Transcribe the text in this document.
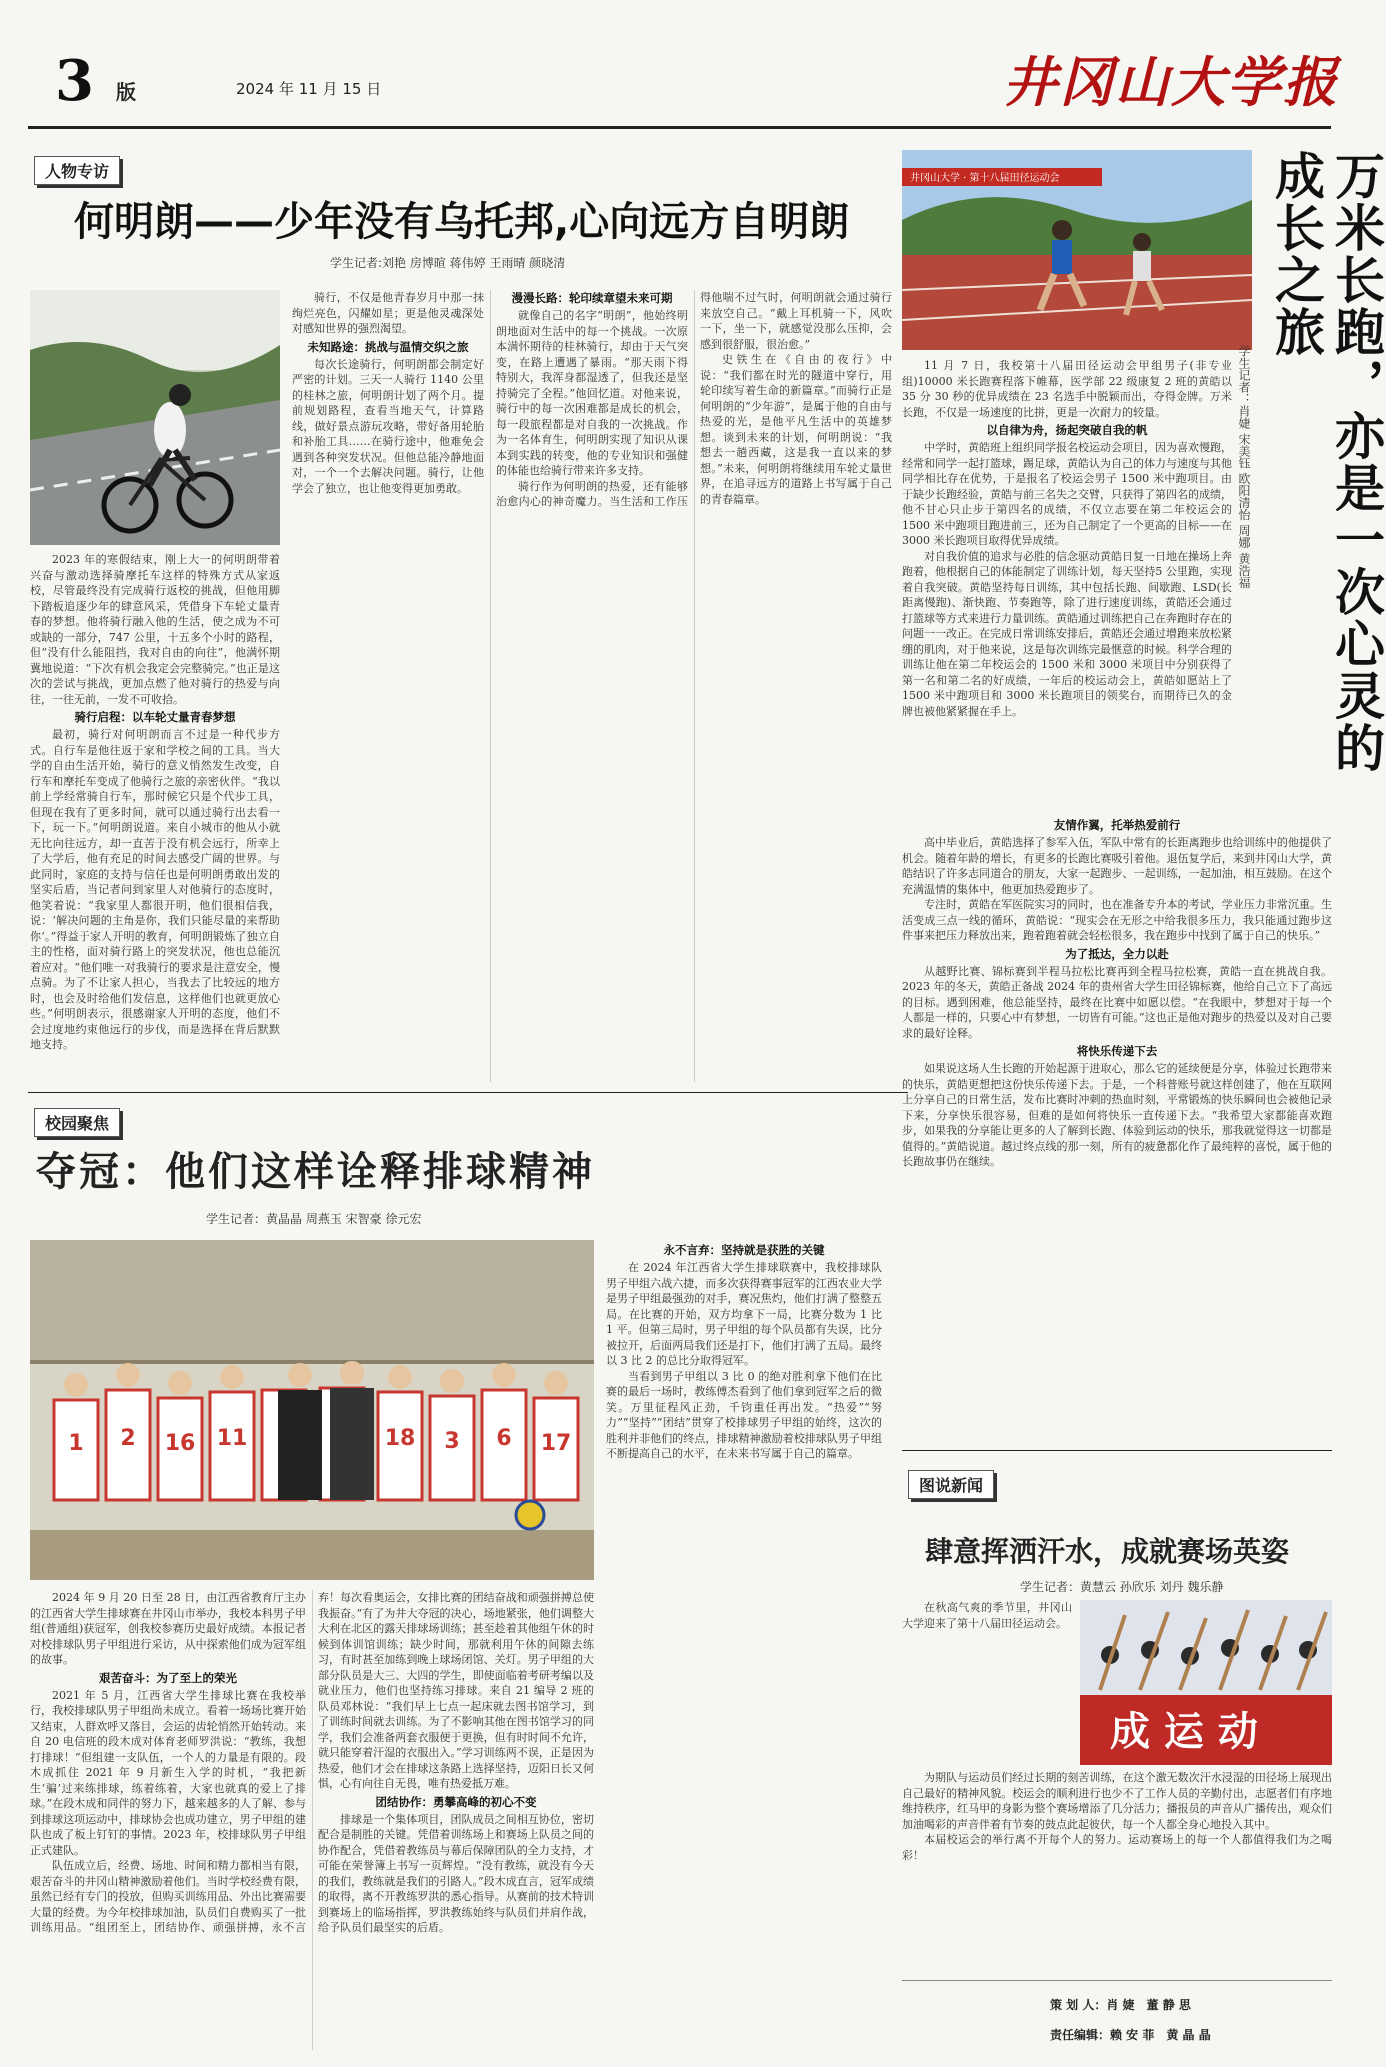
3 版	2024 年 11 月 15 日	井冈山大学报
人物专访
何明朗——少年没有乌托邦,心向远方自明朗
学生记者:刘艳 房博暄 蒋伟婷 王雨晴 颜晓清

2023 年的寒假结束，刚上大一的何明朗带着兴奋与激动选择骑摩托车这样的特殊方式从家返校，尽管最终没有完成骑行返校的挑战，但他用脚下踏板追逐少年的肆意风采，凭借身下车轮丈量青春的梦想。他将骑行融入他的生活，使之成为不可或缺的一部分，747 公里，十五多个小时的路程，但“没有什么能阻挡，我对自由的向往”，他满怀期冀地说道：“下次有机会我定会完整骑完。”也正是这次的尝试与挑战，更加点燃了他对骑行的热爱与向往，一往无前，一发不可收拾。

骑行启程：以车轮丈量青春梦想

最初，骑行对何明朗而言不过是一种代步方式。自行车是他往返于家和学校之间的工具。当大学的自由生活开始，骑行的意义悄然发生改变，自行车和摩托车变成了他骑行之旅的亲密伙伴。“我以前上学经常骑自行车，那时候它只是个代步工具，但现在我有了更多时间，就可以通过骑行出去看一下，玩一下。”何明朗说道。来自小城市的他从小就无比向往远方，却一直苦于没有机会远行，所幸上了大学后，他有充足的时间去感受广阔的世界。与此同时，家庭的支持与信任也是何明朗勇敢出发的坚实后盾，当记者问到家里人对他骑行的态度时，他笑着说：“我家里人都很开明，他们很相信我，说：‘解决问题的主角是你，我们只能尽量的来帮助你’。”得益于家人开明的教育，何明朗锻炼了独立自主的性格，面对骑行路上的突发状况，他也总能沉着应对。“他们唯一对我骑行的要求是注意安全，慢点骑。为了不让家人担心，当我去了比较远的地方时，也会及时给他们发信息，这样他们也就更放心些。”何明朗表示，很感谢家人开明的态度，他们不会过度地约束他远行的步伐，而是选择在背后默默地支持。

骑行，不仅是他青春岁月中那一抹绚烂亮色，闪耀如星；更是他灵魂深处对感知世界的强烈渴望。

未知路途：挑战与温情交织之旅

每次长途骑行，何明朗都会制定好严密的计划。三天一人骑行 1140 公里的桂林之旅，何明朗计划了两个月。提前规划路程，查看当地天气，计算路线，做好景点游玩攻略，带好备用轮胎和补胎工具……在骑行途中，他难免会遇到各种突发状况。但他总能冷静地面对，一个一个去解决问题。骑行，让他学会了独立，也让他变得更加勇敢。

漫漫长路：轮印续章望未来可期

就像自己的名字“明朗”，他始终明朗地面对生活中的每一个挑战。一次原本满怀期待的桂林骑行，却由于天气突变，在路上遭遇了暴雨。“那天雨下得特别大，我浑身都湿透了，但我还是坚持骑完了全程。”他回忆道。对他来说，骑行中的每一次困难都是成长的机会，每一段旅程都是对自我的一次挑战。作为一名体育生，何明朗实现了知识从课本到实践的转变，他的专业知识和强健的体能也给骑行带来许多支持。

骑行作为何明朗的热爱，还有能够治愈内心的神奇魔力。当生活和工作压得他喘不过气时，何明朗就会通过骑行来放空自己。“戴上耳机骑一下，风吹一下，坐一下，就感觉没那么压抑，会感到很舒服，很治愈。”

史铁生在《自由的夜行》中说：“我们都在时光的隧道中穿行，用轮印续写着生命的新篇章。”而骑行正是何明朗的“少年游”，是属于他的自由与热爱的光，是他平凡生活中的英雄梦想。谈到未来的计划，何明朗说：“我想去一趟西藏，这是我一直以来的梦想。”未来，何明朗将继续用车轮丈量世界，在追寻远方的道路上书写属于自己的青春篇章。

校园聚焦
夺冠：他们这样诠释排球精神
学生记者：黄晶晶 周燕玉 宋智豪 徐元宏
1 2 16 11	18 3 6 17

2024 年 9 月 20 日至 28 日，由江西省教育厅主办的江西省大学生排球赛在井冈山市举办，我校本科男子甲组(普通组)获冠军，创我校参赛历史最好成绩。本报记者对校排球队男子甲组进行采访，从中探索他们成为冠军组的故事。

艰苦奋斗：为了至上的荣光

2021 年 5 月，江西省大学生排球比赛在我校举行，我校排球队男子甲组尚未成立。看着一场场比赛开始又结束，人群欢呼又落目，会运的齿轮悄然开始转动。来自 20 电信班的段木成对体育老师罗洪说：“教练，我想打排球！”但组建一支队伍，一个人的力量是有限的。段木成抓住 2021 年 9 月新生入学的时机，“我把新生‘骗’过来练排球，练着练着，大家也就真的爱上了排球。”在段木成和同伴的努力下，越来越多的人了解、参与到排球这项运动中，排球协会也成功建立，男子甲组的建队也成了板上钉钉的事情。2023 年，校排球队男子甲组正式建队。

队伍成立后，经费、场地、时间和精力都相当有限，艰苦奋斗的井冈山精神激励着他们。当时学校经费有限，虽然已经有专门的投放，但购买训练用品、外出比赛需要大量的经费。为今年校排球加油，队员们自费购买了一批训练用品。“组团至上，团结协作、顽强拼搏，永不言弃！每次看奥运会，女排比赛的团结奋战和顽强拼搏总使我振奋。”有了为井大夺冠的决心，场地紧张，他们调整大大利在北区的露天排球场训练；甚至趁着其他组午休的时候到体训馆训练；缺少时间，那就利用午休的间隙去练习，有时甚至加练到晚上球场闭馆、关灯。男子甲组的大部分队员是大三、大四的学生，即使面临着考研考编以及就业压力，他们也坚持练习排球。来自 21 编导 2 班的队员邓林说：“我们早上七点一起床就去图书馆学习，到了训练时间就去训练。为了不影响其他在图书馆学习的同学，我们会准备两套衣服便于更换，但有时时间不允许，就只能穿着汗湿的衣服出入。”学习训练两不误，正是因为热爱，他们才会在排球这条路上选择坚持，迈阳日长又何惧，心有向往自无畏，唯有热爱抵万难。

团结协作：勇攀高峰的初心不变

排球是一个集体项目，团队成员之间相互协位，密切配合是制胜的关键。凭借着训练场上和赛场上队员之间的协作配合，凭借着教练员与幕后保障团队的全力支持，才可能在荣誉簿上书写一页辉煌。“没有教练，就没有今天的我们，教练就是我们的引路人。”段木成直言，冠军成绩的取得，离不开教练罗洪的悉心指导。从赛前的技术特训到赛场上的临场指挥，罗洪教练始终与队员们并肩作战，给予队员们最坚实的后盾。

永不言弃：坚持就是获胜的关键

在 2024 年江西省大学生排球联赛中，我校排球队男子甲组六战六捷，而多次获得赛事冠军的江西农业大学是男子甲组最强劲的对手，赛况焦灼，他们打满了整整五局。在比赛的开始，双方均拿下一局，比赛分数为 1 比 1 平。但第三局时，男子甲组的每个队员都有失误，比分被拉开，后面两局我们还是打下，他们打满了五局。最终以 3 比 2 的总比分取得冠军。

当看到男子甲组以 3 比 0 的绝对胜利拿下他们在比赛的最后一场时，教练傅杰看到了他们拿到冠军之后的微笑。万里征程风正劲，千钧重任再出发。“热爱”“努力”“坚持”“团结”贯穿了校排球男子甲组的始终，这次的胜利并非他们的终点，排球精神激励着校排球队男子甲组不断提高自己的水平，在未来书写属于自己的篇章。

井冈山大学 · 第十八届田径运动会	万米长跑，亦是一次心灵的成长之旅
学生记者：肖婕 宋美钰 欧阳清怡 周娜 黄浩福

11 月 7 日，我校第十八届田径运动会甲组男子(非专业组)10000 米长跑赛程落下帷幕，医学部 22 级康复 2 班的黄皓以 35 分 30 秒的优异成绩在 23 名选手中脱颖而出，夺得金牌。万米长跑，不仅是一场速度的比拼，更是一次耐力的较量。

以自律为舟，扬起突破自我的帆

中学时，黄皓班上组织同学报名校运动会项目，因为喜欢慢跑，经常和同学一起打篮球，踢足球，黄皓认为自己的体力与速度与其他同学相比存在优势，于是报名了校运会男子 1500 米中跑项目。由于缺少长跑经验，黄皓与前三名失之交臂，只获得了第四名的成绩，他不甘心只止步于第四名的成绩，不仅立志要在第二年校运会的 1500 米中跑项目跑进前三，还为自己制定了一个更高的目标——在 3000 米长跑项目取得优异成绩。

对自我价值的追求与必胜的信念驱动黄皓日复一日地在操场上奔跑着，他根据自己的体能制定了训练计划，每天坚持5 公里跑，实现着自我突破。黄皓坚持每日训练，其中包括长跑、间歇跑、LSD(长距离慢跑)、渐快跑、节奏跑等，除了进行速度训练，黄皓还会通过打篮球等方式来进行力量训练。黄皓通过训练把自己在奔跑时存在的问题一一改正。在完成日常训练安排后，黄皓还会通过增跑来放松紧绷的肌肉，对于他来说，这是每次训练完最惬意的时候。科学合理的训练让他在第二年校运会的 1500 米和 3000 米项目中分别获得了第一名和第二名的好成绩，一年后的校运动会上，黄皓如愿站上了 1500 米中跑项目和 3000 米长跑项目的领奖台，而期待已久的金牌也被他紧紧握在手上。

友情作翼，托举热爱前行

高中毕业后，黄皓选择了参军入伍，军队中常有的长距离跑步也给训练中的他提供了机会。随着年龄的增长，有更多的长跑比赛吸引着他。退伍复学后，来到井冈山大学，黄皓结识了许多志同道合的朋友，大家一起跑步、一起训练，一起加油，相互鼓励。在这个充满温情的集体中，他更加热爱跑步了。

专注时，黄皓在军医院实习的同时，也在准备专升本的考试，学业压力非常沉重。生活变成三点一线的循环，黄皓说：“现实会在无形之中给我很多压力，我只能通过跑步这件事来把压力释放出来，跑着跑着就会轻松很多，我在跑步中找到了属于自己的快乐。”

为了抵达，全力以赴

从越野比赛、锦标赛到半程马拉松比赛再到全程马拉松赛，黄皓一直在挑战自我。2023 年的冬天，黄皓正备战 2024 年的贵州省大学生田径锦标赛，他给自己立下了高远的目标。遇到困难，他总能坚持，最终在比赛中如愿以偿。“在我眼中，梦想对于每一个人都是一样的，只要心中有梦想，一切皆有可能。”这也正是他对跑步的热爱以及对自己要求的最好诠释。

将快乐传递下去

如果说这场人生长跑的开始起源于进取心，那么它的延续便是分享，体验过长跑带来的快乐，黄皓更想把这份快乐传递下去。于是，一个科普账号就这样创建了，他在互联网上分享自己的日常生活，发布比赛时冲刺的热血时刻，平常锻炼的快乐瞬间也会被他记录下来，分享快乐很容易，但难的是如何将快乐一直传递下去。“我希望大家都能喜欢跑步，如果我的分享能让更多的人了解到长跑、体验到运动的快乐，那我就觉得这一切都是值得的。”黄皓说道。越过终点线的那一刻，所有的疲惫都化作了最纯粹的喜悦，属于他的长跑故事仍在继续。

图说新闻
肆意挥洒汗水，成就赛场英姿
学生记者：黄慧云 孙欣乐 刘丹 魏乐静

在秋高气爽的季节里，井冈山大学迎来了第十八届田径运动会。

成 运 动

为期队与运动员们经过长期的刻苦训练，在这个激无数次汗水浸湿的田径场上展现出自己最好的精神风貌。校运会的顺利进行也少不了工作人员的辛勤付出，志愿者们有序地维持秩序，红马甲的身影为整个赛场增添了几分活力；播报员的声音从广播传出，观众们加油喝彩的声音伴着有节奏的鼓点此起彼伏，每一个人都全身心地投入其中。

本届校运会的举行离不开每个人的努力。运动赛场上的每一个人都值得我们为之喝彩！

策 划 人：肖 婕　董 静 思
责任编辑：赖 安 菲　黄 晶 晶
